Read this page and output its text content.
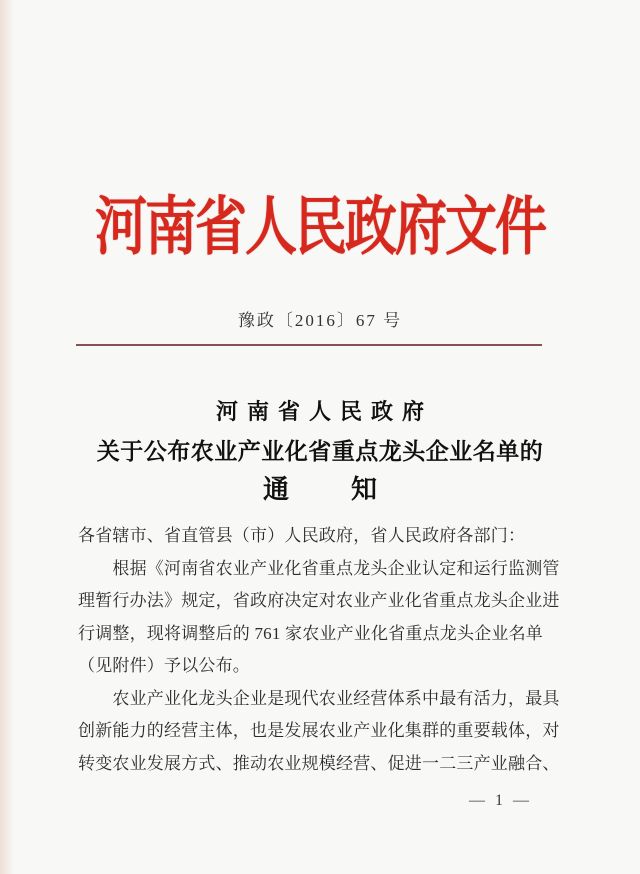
河南省人民政府文件
豫政〔2016〕67 号
河南省人民政府
关于公布农业产业化省重点龙头企业名单的
通 知
各省辖市、省直管县（市）人民政府，省人民政府各部门：
　　根据《河南省农业产业化省重点龙头企业认定和运行监测管
理暂行办法》规定，省政府决定对农业产业化省重点龙头企业进
行调整，现将调整后的 761 家农业产业化省重点龙头企业名单
（见附件）予以公布。
　　农业产业化龙头企业是现代农业经营体系中最有活力，最具
创新能力的经营主体，也是发展农业产业化集群的重要载体，对
转变农业发展方式、推动农业规模经营、促进一二三产业融合、
— 1 —
